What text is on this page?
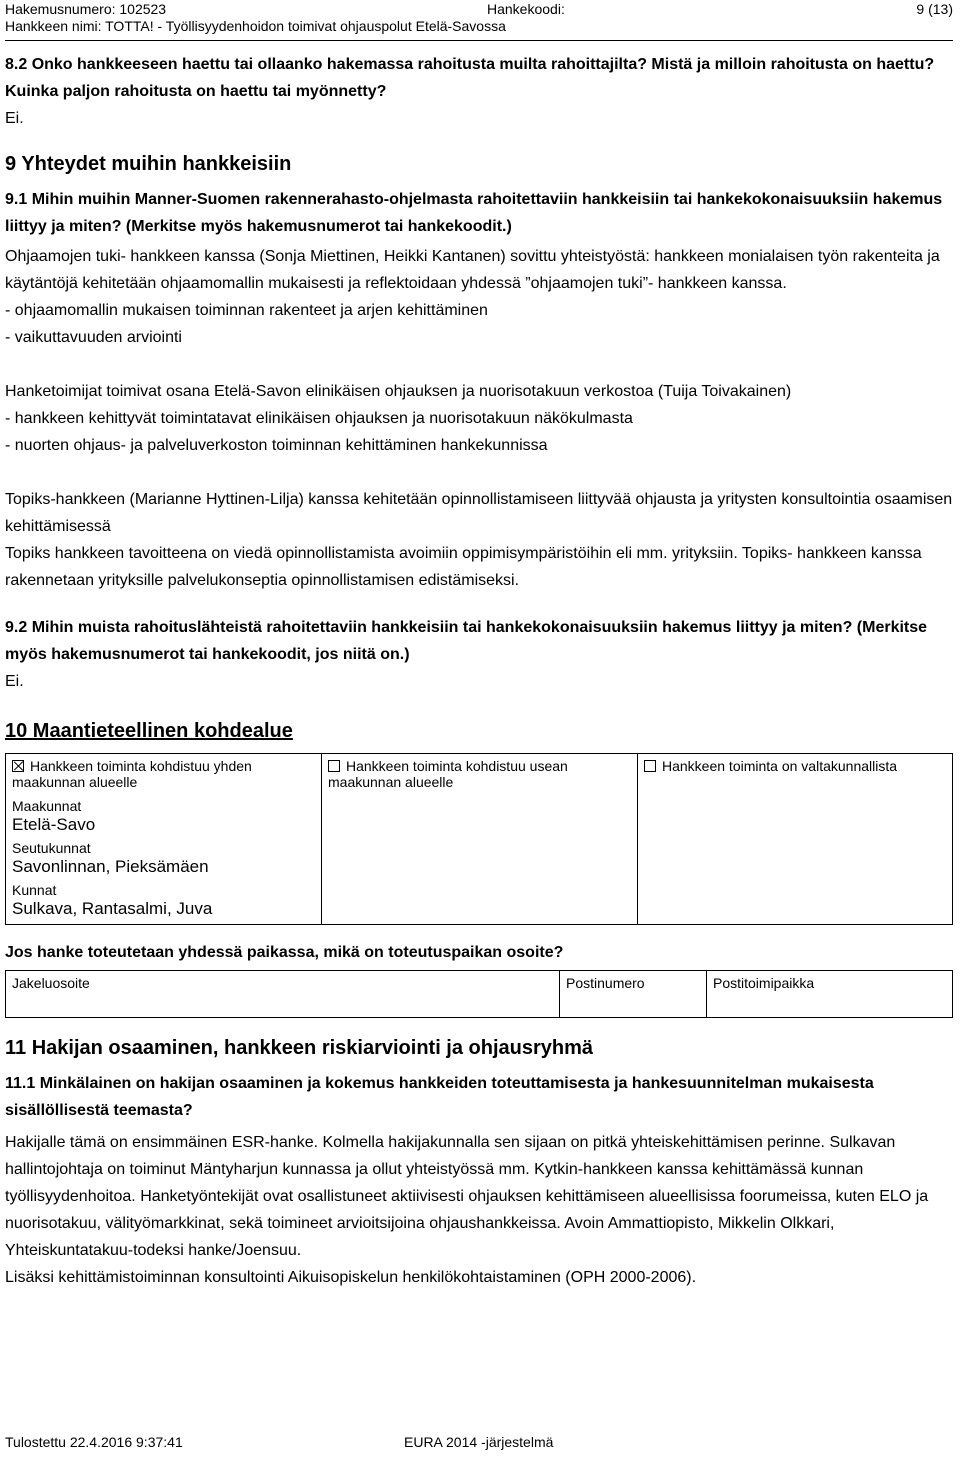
Hakemusnumero: 102523	Hankekoodi:	9 (13)
Hankkeen nimi: TOTTA! - Työllisyydenhoidon toimivat ohjauspolut Etelä-Savossa

8.2 Onko hankkeeseen haettu tai ollaanko hakemassa rahoitusta muilta rahoittajilta? Mistä ja milloin rahoitusta on haettu? Kuinka paljon rahoitusta on haettu tai myönnetty?

Ei.

9 Yhteydet muihin hankkeisiin

9.1 Mihin muihin Manner-Suomen rakennerahasto-ohjelmasta rahoitettaviin hankkeisiin tai hankekokonaisuuksiin hakemus liittyy ja miten? (Merkitse myös hakemusnumerot tai hankekoodit.)

Ohjaamojen tuki- hankkeen kanssa (Sonja Miettinen, Heikki Kantanen) sovittu yhteistyöstä: hankkeen monialaisen työn rakenteita ja käytäntöjä kehitetään ohjaamomallin mukaisesti ja reflektoidaan yhdessä ”ohjaamojen tuki”- hankkeen kanssa.

- ohjaamomallin mukaisen toiminnan rakenteet ja arjen kehittäminen

- vaikuttavuuden arviointi

Hanketoimijat toimivat osana Etelä-Savon elinikäisen ohjauksen ja nuorisotakuun verkostoa (Tuija Toivakainen)

- hankkeen kehittyvät toimintatavat elinikäisen ohjauksen ja nuorisotakuun näkökulmasta

- nuorten ohjaus- ja palveluverkoston toiminnan kehittäminen hankekunnissa

Topiks-hankkeen (Marianne Hyttinen-Lilja) kanssa kehitetään opinnollistamiseen liittyvää ohjausta ja yritysten konsultointia osaamisen kehittämisessä

Topiks hankkeen tavoitteena on viedä opinnollistamista avoimiin oppimisympäristöihin eli mm. yrityksiin. Topiks- hankkeen kanssa rakennetaan yrityksille palvelukonseptia opinnollistamisen edistämiseksi.

9.2 Mihin muista rahoituslähteistä rahoitettaviin hankkeisiin tai hankekokonaisuuksiin hakemus liittyy ja miten? (Merkitse myös hakemusnumerot tai hankekoodit, jos niitä on.)

Ei.

10 Maantieteellinen kohdealue

Hankkeen toiminta kohdistuu yhden maakunnan alueelle
Maakunnat
Etelä-Savo
Seutukunnat
Savonlinnan, Pieksämäen
Kunnat
Sulkava, Rantasalmi, Juva

Hankkeen toiminta kohdistuu usean maakunnan alueelle

Hankkeen toiminta on valtakunnallista

Jos hanke toteutetaan yhdessä paikassa, mikä on toteutuspaikan osoite?

Jakeluosoite	Postinumero	Postitoimipaikka

11 Hakijan osaaminen, hankkeen riskiarviointi ja ohjausryhmä

11.1 Minkälainen on hakijan osaaminen ja kokemus hankkeiden toteuttamisesta ja hankesuunnitelman mukaisesta sisällöllisestä teemasta?

Hakijalle tämä on ensimmäinen ESR-hanke. Kolmella hakijakunnalla sen sijaan on pitkä yhteiskehittämisen perinne. Sulkavan hallintojohtaja on toiminut Mäntyharjun kunnassa ja ollut yhteistyössä mm. Kytkin-hankkeen kanssa kehittämässä kunnan työllisyydenhoitoa. Hanketyöntekijät ovat osallistuneet aktiivisesti ohjauksen kehittämiseen alueellisissa foorumeissa, kuten ELO ja nuorisotakuu, välityömarkkinat, sekä toimineet arvioitsijoina ohjaushankkeissa. Avoin Ammattiopisto, Mikkelin Olkkari, Yhteiskuntatakuu-todeksi hanke/Joensuu.

Lisäksi kehittämistoiminnan konsultointi Aikuisopiskelun henkilökohtaistaminen (OPH 2000-2006).

Tulostettu 22.4.2016 9:37:41	EURA 2014 -järjestelmä
